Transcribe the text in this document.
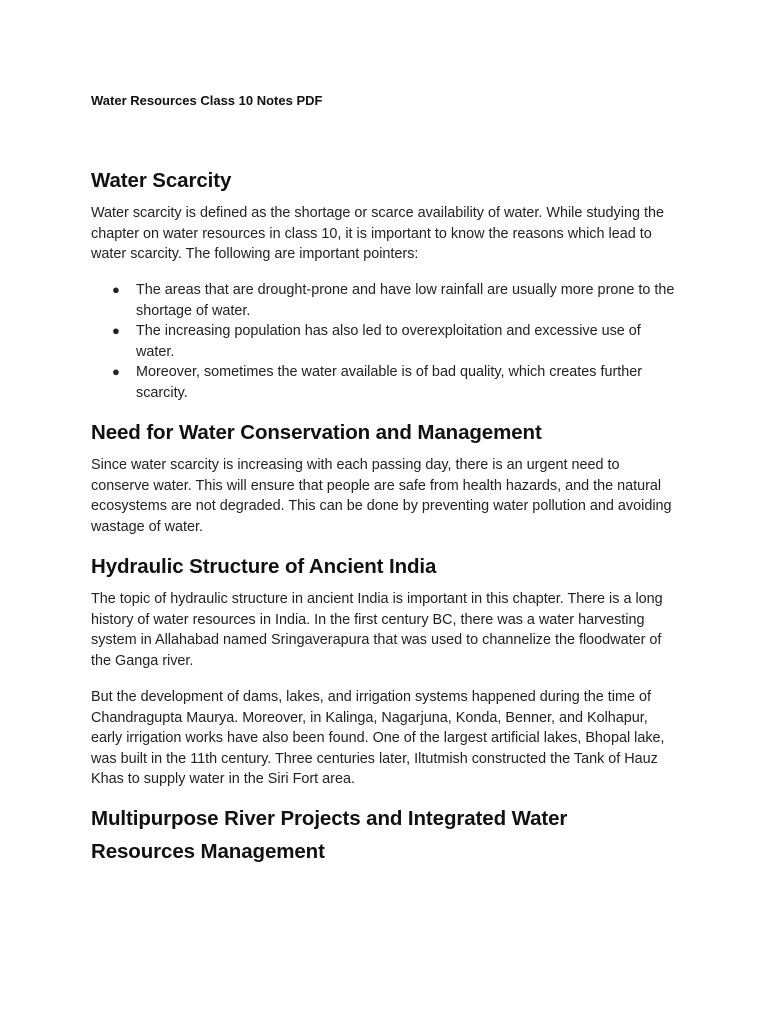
Water Resources Class 10 Notes PDF
Water Scarcity

Water scarcity is defined as the shortage or scarce availability of water. While studying the chapter on water resources in class 10, it is important to know the reasons which lead to water scarcity. The following are important pointers:

● The areas that are drought-prone and have low rainfall are usually more prone to the shortage of water.
● The increasing population has also led to overexploitation and excessive use of water.
● Moreover, sometimes the water available is of bad quality, which creates further scarcity.
Need for Water Conservation and Management

Since water scarcity is increasing with each passing day, there is an urgent need to conserve water. This will ensure that people are safe from health hazards, and the natural ecosystems are not degraded. This can be done by preventing water pollution and avoiding wastage of water.

Hydraulic Structure of Ancient India

The topic of hydraulic structure in ancient India is important in this chapter. There is a long history of water resources in India. In the first century BC, there was a water harvesting system in Allahabad named Sringaverapura that was used to channelize the floodwater of the Ganga river.

But the development of dams, lakes, and irrigation systems happened during the time of Chandragupta Maurya. Moreover, in Kalinga, Nagarjuna, Konda, Benner, and Kolhapur, early irrigation works have also been found. One of the largest artificial lakes, Bhopal lake, was built in the 11th century. Three centuries later, Iltutmish constructed the Tank of Hauz Khas to supply water in the Siri Fort area.

Multipurpose River Projects and Integrated Water Resources Management
